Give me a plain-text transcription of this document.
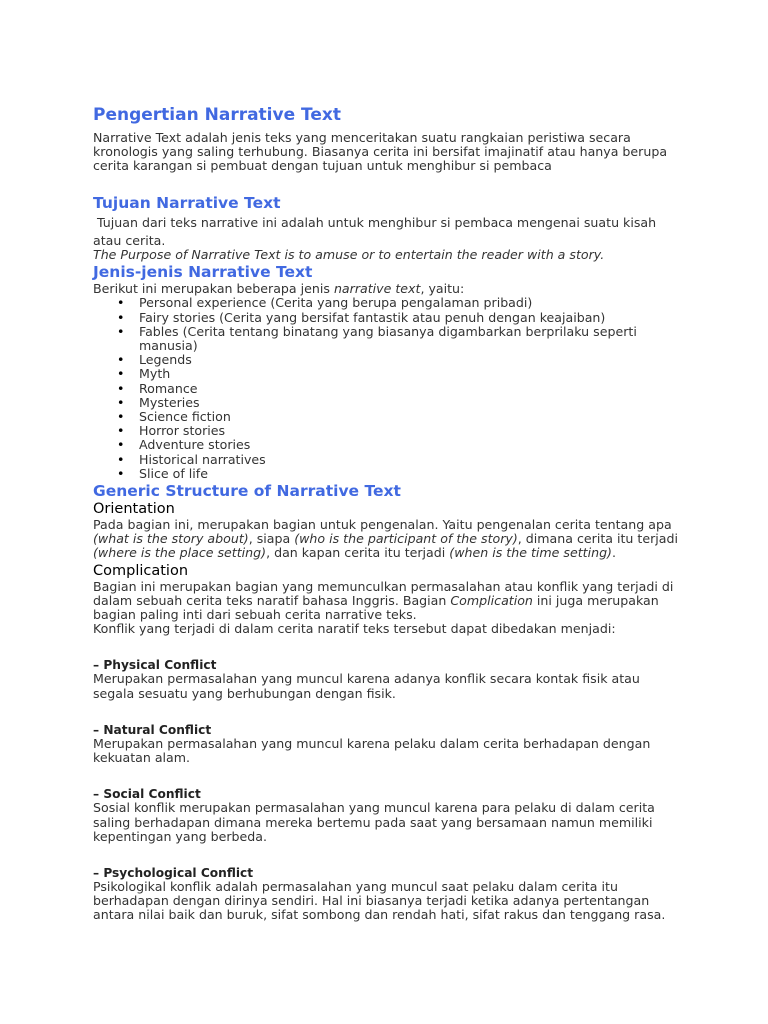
Pengertian Narrative Text

Narrative Text adalah jenis teks yang menceritakan suatu rangkaian peristiwa secara kronologis yang saling terhubung. Biasanya cerita ini bersifat imajinatif atau hanya berupa cerita karangan si pembuat dengan tujuan untuk menghibur si pembaca

Tujuan Narrative Text

Tujuan dari teks narrative ini adalah untuk menghibur si pembaca mengenai suatu kisah

atau cerita.

The Purpose of Narrative Text is to amuse or to entertain the reader with a story.

Jenis-jenis Narrative Text

Berikut ini merupakan beberapa jenis narrative text, yaitu:

• Personal experience (Cerita yang berupa pengalaman pribadi)
• Fairy stories (Cerita yang bersifat fantastik atau penuh dengan keajaiban)
• Fables (Cerita tentang binatang yang biasanya digambarkan berprilaku seperti manusia)
• Legends
• Myth
• Romance
• Mysteries
• Science fiction
• Horror stories
• Adventure stories
• Historical narratives
• Slice of life
Generic Structure of Narrative Text

Orientation

Pada bagian ini, merupakan bagian untuk pengenalan. Yaitu pengenalan cerita tentang apa (what is the story about), siapa (who is the participant of the story), dimana cerita itu terjadi (where is the place setting), dan kapan cerita itu terjadi (when is the time setting).

Complication

Bagian ini merupakan bagian yang memunculkan permasalahan atau konflik yang terjadi di dalam sebuah cerita teks naratif bahasa Inggris. Bagian Complication ini juga merupakan bagian paling inti dari sebuah cerita narrative teks.

Konflik yang terjadi di dalam cerita naratif teks tersebut dapat dibedakan menjadi:

– Physical Conflict

Merupakan permasalahan yang muncul karena adanya konflik secara kontak fisik atau segala sesuatu yang berhubungan dengan fisik.

– Natural Conflict

Merupakan permasalahan yang muncul karena pelaku dalam cerita berhadapan dengan kekuatan alam.

– Social Conflict

Sosial konflik merupakan permasalahan yang muncul karena para pelaku di dalam cerita saling berhadapan dimana mereka bertemu pada saat yang bersamaan namun memiliki kepentingan yang berbeda.

– Psychological Conflict

Psikologikal konflik adalah permasalahan yang muncul saat pelaku dalam cerita itu berhadapan dengan dirinya sendiri. Hal ini biasanya terjadi ketika adanya pertentangan antara nilai baik dan buruk, sifat sombong dan rendah hati, sifat rakus dan tenggang rasa.
